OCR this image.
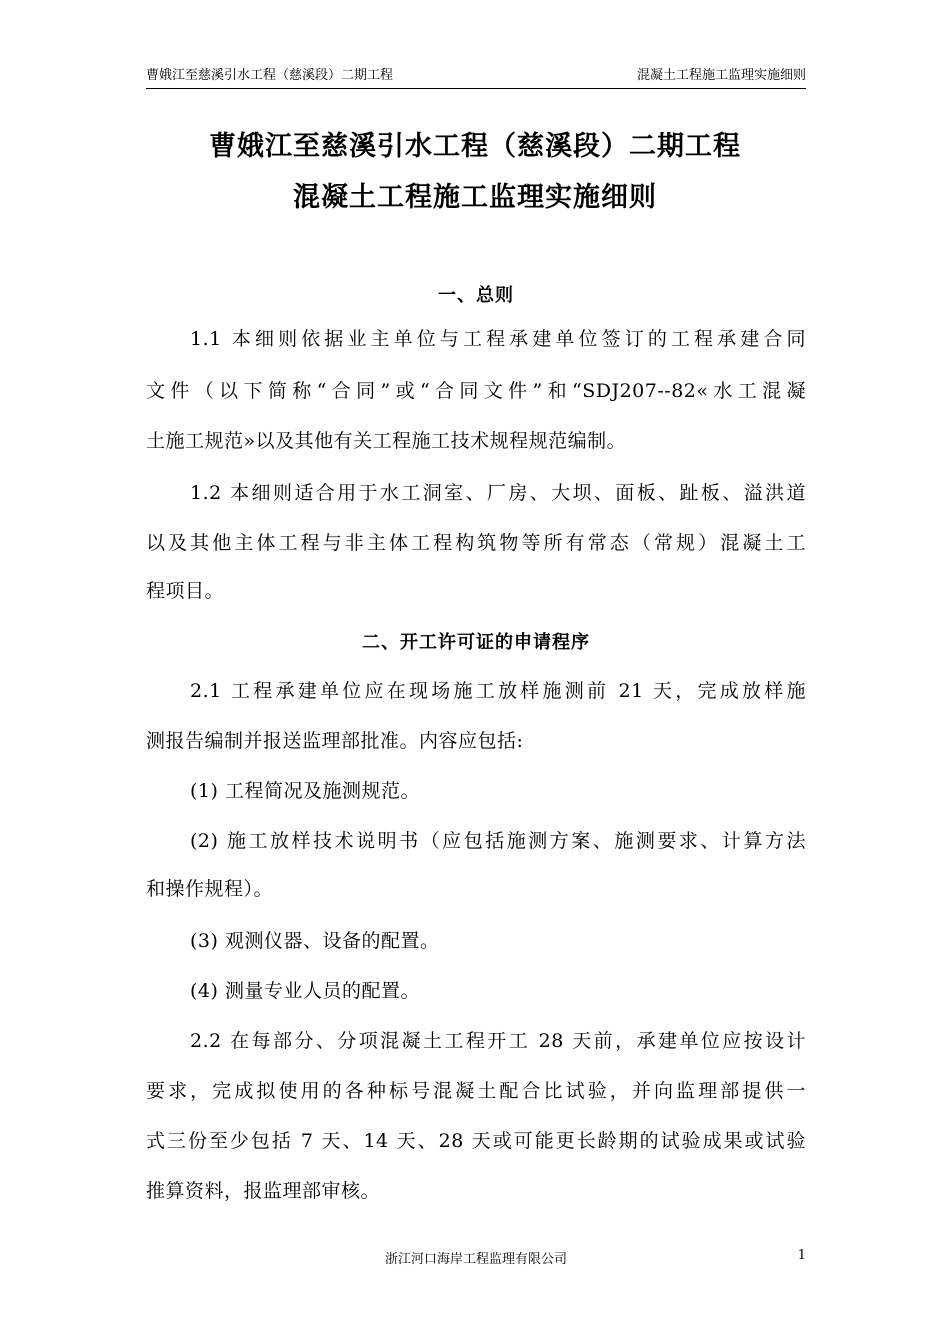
曹娥江至慈溪引水工程（慈溪段）二期工程	混凝土工程施工监理实施细则
曹娥江至慈溪引水工程（慈溪段）二期工程
混凝土工程施工监理实施细则
一、总则
1.1 本细则依据业主单位与工程承建单位签订的工程承建合同
文件（以下简称“合同”或“合同文件”和“SDJ207--82«水工混凝
土施工规范»以及其他有关工程施工技术规程规范编制。
1.2 本细则适合用于水工洞室、厂房、大坝、面板、趾板、溢洪道
以及其他主体工程与非主体工程构筑物等所有常态（常规）混凝土工
程项目。
二、开工许可证的申请程序
2.1 工程承建单位应在现场施工放样施测前 21 天，完成放样施
测报告编制并报送监理部批准。内容应包括:
(1) 工程简况及施测规范。
(2) 施工放样技术说明书（应包括施测方案、施测要求、计算方法
和操作规程）。
(3) 观测仪器、设备的配置。
(4) 测量专业人员的配置。
2.2 在每部分、分项混凝土工程开工 28 天前，承建单位应按设计
要求，完成拟使用的各种标号混凝土配合比试验，并向监理部提供一
式三份至少包括 7 天、14 天、28 天或可能更长龄期的试验成果或试验
推算资料，报监理部审核。
浙江河口海岸工程监理有限公司	1
